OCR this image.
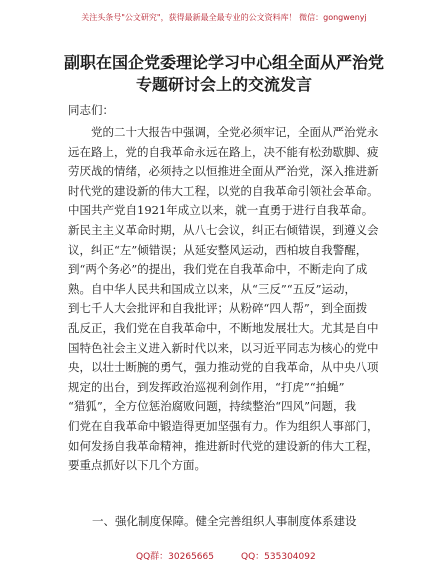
关注头条号"公文研究"，获得最新最全最专业的公文资料库！ 微信：gongwenyj
副职在国企党委理论学习中心组全面从严治党
专题研讨会上的交流发言
同志们：
　　党的二十大报告中强调，全党必须牢记，全面从严治党永
远在路上，党的自我革命永远在路上，决不能有松劲歇脚、疲
劳厌战的情绪，必须持之以恒推进全面从严治党，深入推进新
时代党的建设新的伟大工程，以党的自我革命引领社会革命。
中国共产党自1921年成立以来，就一直勇于进行自我革命。
新民主主义革命时期，从八七会议，纠正右倾错误，到遵义会
议，纠正“左”倾错误；从延安整风运动，西柏坡自我警醒，
到“两个务必”的提出，我们党在自我革命中，不断走向了成
熟。自中华人民共和国成立以来，从“三反”“五反”运动，
到七千人大会批评和自我批评；从粉碎“四人帮”，到全面拨
乱反正，我们党在自我革命中，不断地发展壮大。尤其是自中
国特色社会主义进入新时代以来，以习近平同志为核心的党中
央，以壮士断腕的勇气，强力推动党的自我革命，从中央八项
规定的出台，到发挥政治巡视利剑作用，“打虎”“拍蝇”
“猎狐”，全方位惩治腐败问题，持续整治“四风”问题，我
们党在自我革命中锻造得更加坚强有力。作为组织人事部门，
如何发扬自我革命精神，推进新时代党的建设新的伟大工程，
要重点抓好以下几个方面。
一、强化制度保障。健全完善组织人事制度体系建设
QQ群：30265665	QQ：535304092
